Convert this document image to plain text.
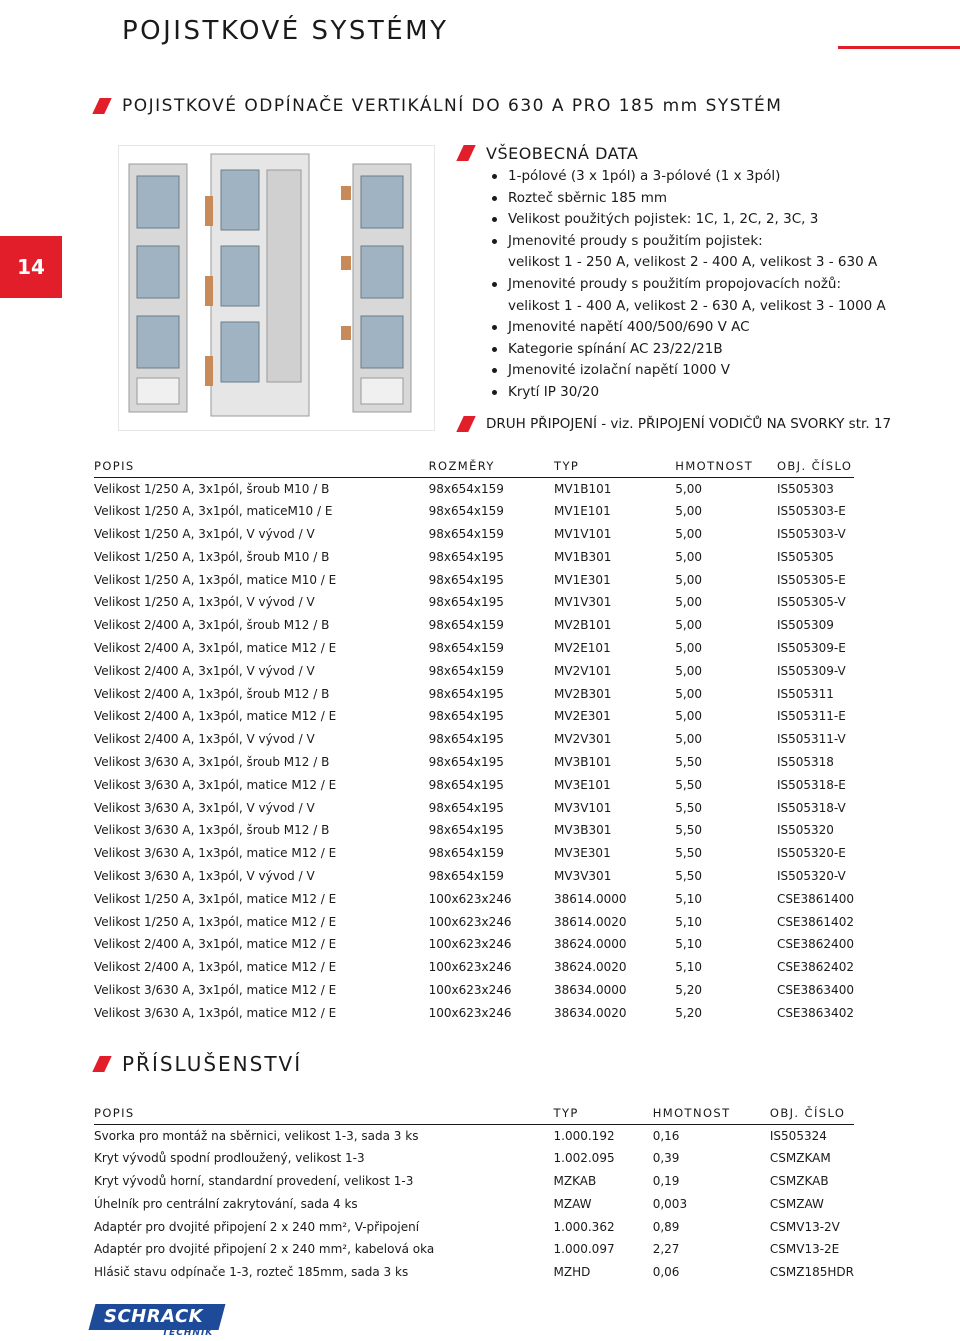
14
POJISTKOVÉ SYSTÉMY
POJISTKOVÉ ODPÍNAČE VERTIKÁLNÍ DO 630 A PRO 185 mm SYSTÉM
VŠEOBECNÁ DATA
1-pólové (3 x 1pól) a 3-pólové (1 x 3pól)
Rozteč sběrnic 185 mm
Velikost použitých pojistek: 1C, 1, 2C, 2, 3C, 3
Jmenovité proudy s použitím pojistek:
velikost 1 - 250 A, velikost 2 - 400 A, velikost 3 - 630 A
Jmenovité proudy s použitím propojovacích nožů:
velikost 1 - 400 A, velikost 2 - 630 A, velikost 3 - 1000 A
Jmenovité napětí 400/500/690 V AC
Kategorie spínání AC 23/22/21B
Jmenovité izolační napětí 1000 V
Krytí IP 30/20
DRUH PŘIPOJENÍ - viz. PŘIPOJENÍ VODIČŮ NA SVORKY str. 17
POPIS	ROZMĚRY	TYP	HMOTNOST	OBJ. ČÍSLO
Velikost 1/250 A, 3x1pól, šroub M10 / B	98x654x159	MV1B101	5,00	IS505303
Velikost 1/250 A, 3x1pól, maticeM10 / E	98x654x159	MV1E101	5,00	IS505303-E
Velikost 1/250 A, 3x1pól, V vývod / V	98x654x159	MV1V101	5,00	IS505303-V
Velikost 1/250 A, 1x3pól, šroub M10 / B	98x654x195	MV1B301	5,00	IS505305
Velikost 1/250 A, 1x3pól, matice M10 / E	98x654x195	MV1E301	5,00	IS505305-E
Velikost 1/250 A, 1x3pól, V vývod / V	98x654x195	MV1V301	5,00	IS505305-V
Velikost 2/400 A, 3x1pól, šroub M12 / B	98x654x159	MV2B101	5,00	IS505309
Velikost 2/400 A, 3x1pól, matice M12 / E	98x654x159	MV2E101	5,00	IS505309-E
Velikost 2/400 A, 3x1pól, V vývod / V	98x654x159	MV2V101	5,00	IS505309-V
Velikost 2/400 A, 1x3pól, šroub M12 / B	98x654x195	MV2B301	5,00	IS505311
Velikost 2/400 A, 1x3pól, matice M12 / E	98x654x195	MV2E301	5,00	IS505311-E
Velikost 2/400 A, 1x3pól, V vývod / V	98x654x195	MV2V301	5,00	IS505311-V
Velikost 3/630 A, 3x1pól, šroub M12 / B	98x654x195	MV3B101	5,50	IS505318
Velikost 3/630 A, 3x1pól, matice M12 / E	98x654x195	MV3E101	5,50	IS505318-E
Velikost 3/630 A, 3x1pól, V vývod / V	98x654x195	MV3V101	5,50	IS505318-V
Velikost 3/630 A, 1x3pól, šroub M12 / B	98x654x195	MV3B301	5,50	IS505320
Velikost 3/630 A, 1x3pól, matice M12 / E	98x654x159	MV3E301	5,50	IS505320-E
Velikost 3/630 A, 1x3pól, V vývod / V	98x654x159	MV3V301	5,50	IS505320-V
Velikost 1/250 A, 3x1pól, matice M12 / E	100x623x246	38614.0000	5,10	CSE3861400
Velikost 1/250 A, 1x3pól, matice M12 / E	100x623x246	38614.0020	5,10	CSE3861402
Velikost 2/400 A, 3x1pól, matice M12 / E	100x623x246	38624.0000	5,10	CSE3862400
Velikost 2/400 A, 1x3pól, matice M12 / E	100x623x246	38624.0020	5,10	CSE3862402
Velikost 3/630 A, 3x1pól, matice M12 / E	100x623x246	38634.0000	5,20	CSE3863400
Velikost 3/630 A, 1x3pól, matice M12 / E	100x623x246	38634.0020	5,20	CSE3863402
PŘÍSLUŠENSTVÍ
POPIS	TYP	HMOTNOST	OBJ. ČÍSLO
Svorka pro montáž na sběrnici, velikost 1-3, sada 3 ks	1.000.192	0,16	IS505324
Kryt vývodů spodní prodloužený, velikost 1-3	1.002.095	0,39	CSMZKAM
Kryt vývodů horní, standardní provedení, velikost 1-3	MZKAB	0,19	CSMZKAB
Úhelník pro centrální zakrytování, sada 4 ks	MZAW	0,003	CSMZAW
Adaptér pro dvojité připojení 2 x 240 mm², V-připojení	1.000.362	0,89	CSMV13-2V
Adaptér pro dvojité připojení 2 x 240 mm², kabelová oka	1.000.097	2,27	CSMV13-2E
Hlásič stavu odpínače 1-3, rozteč 185mm, sada 3 ks	MZHD	0,06	CSMZ185HDR
SCHRACK
TECHNIK
